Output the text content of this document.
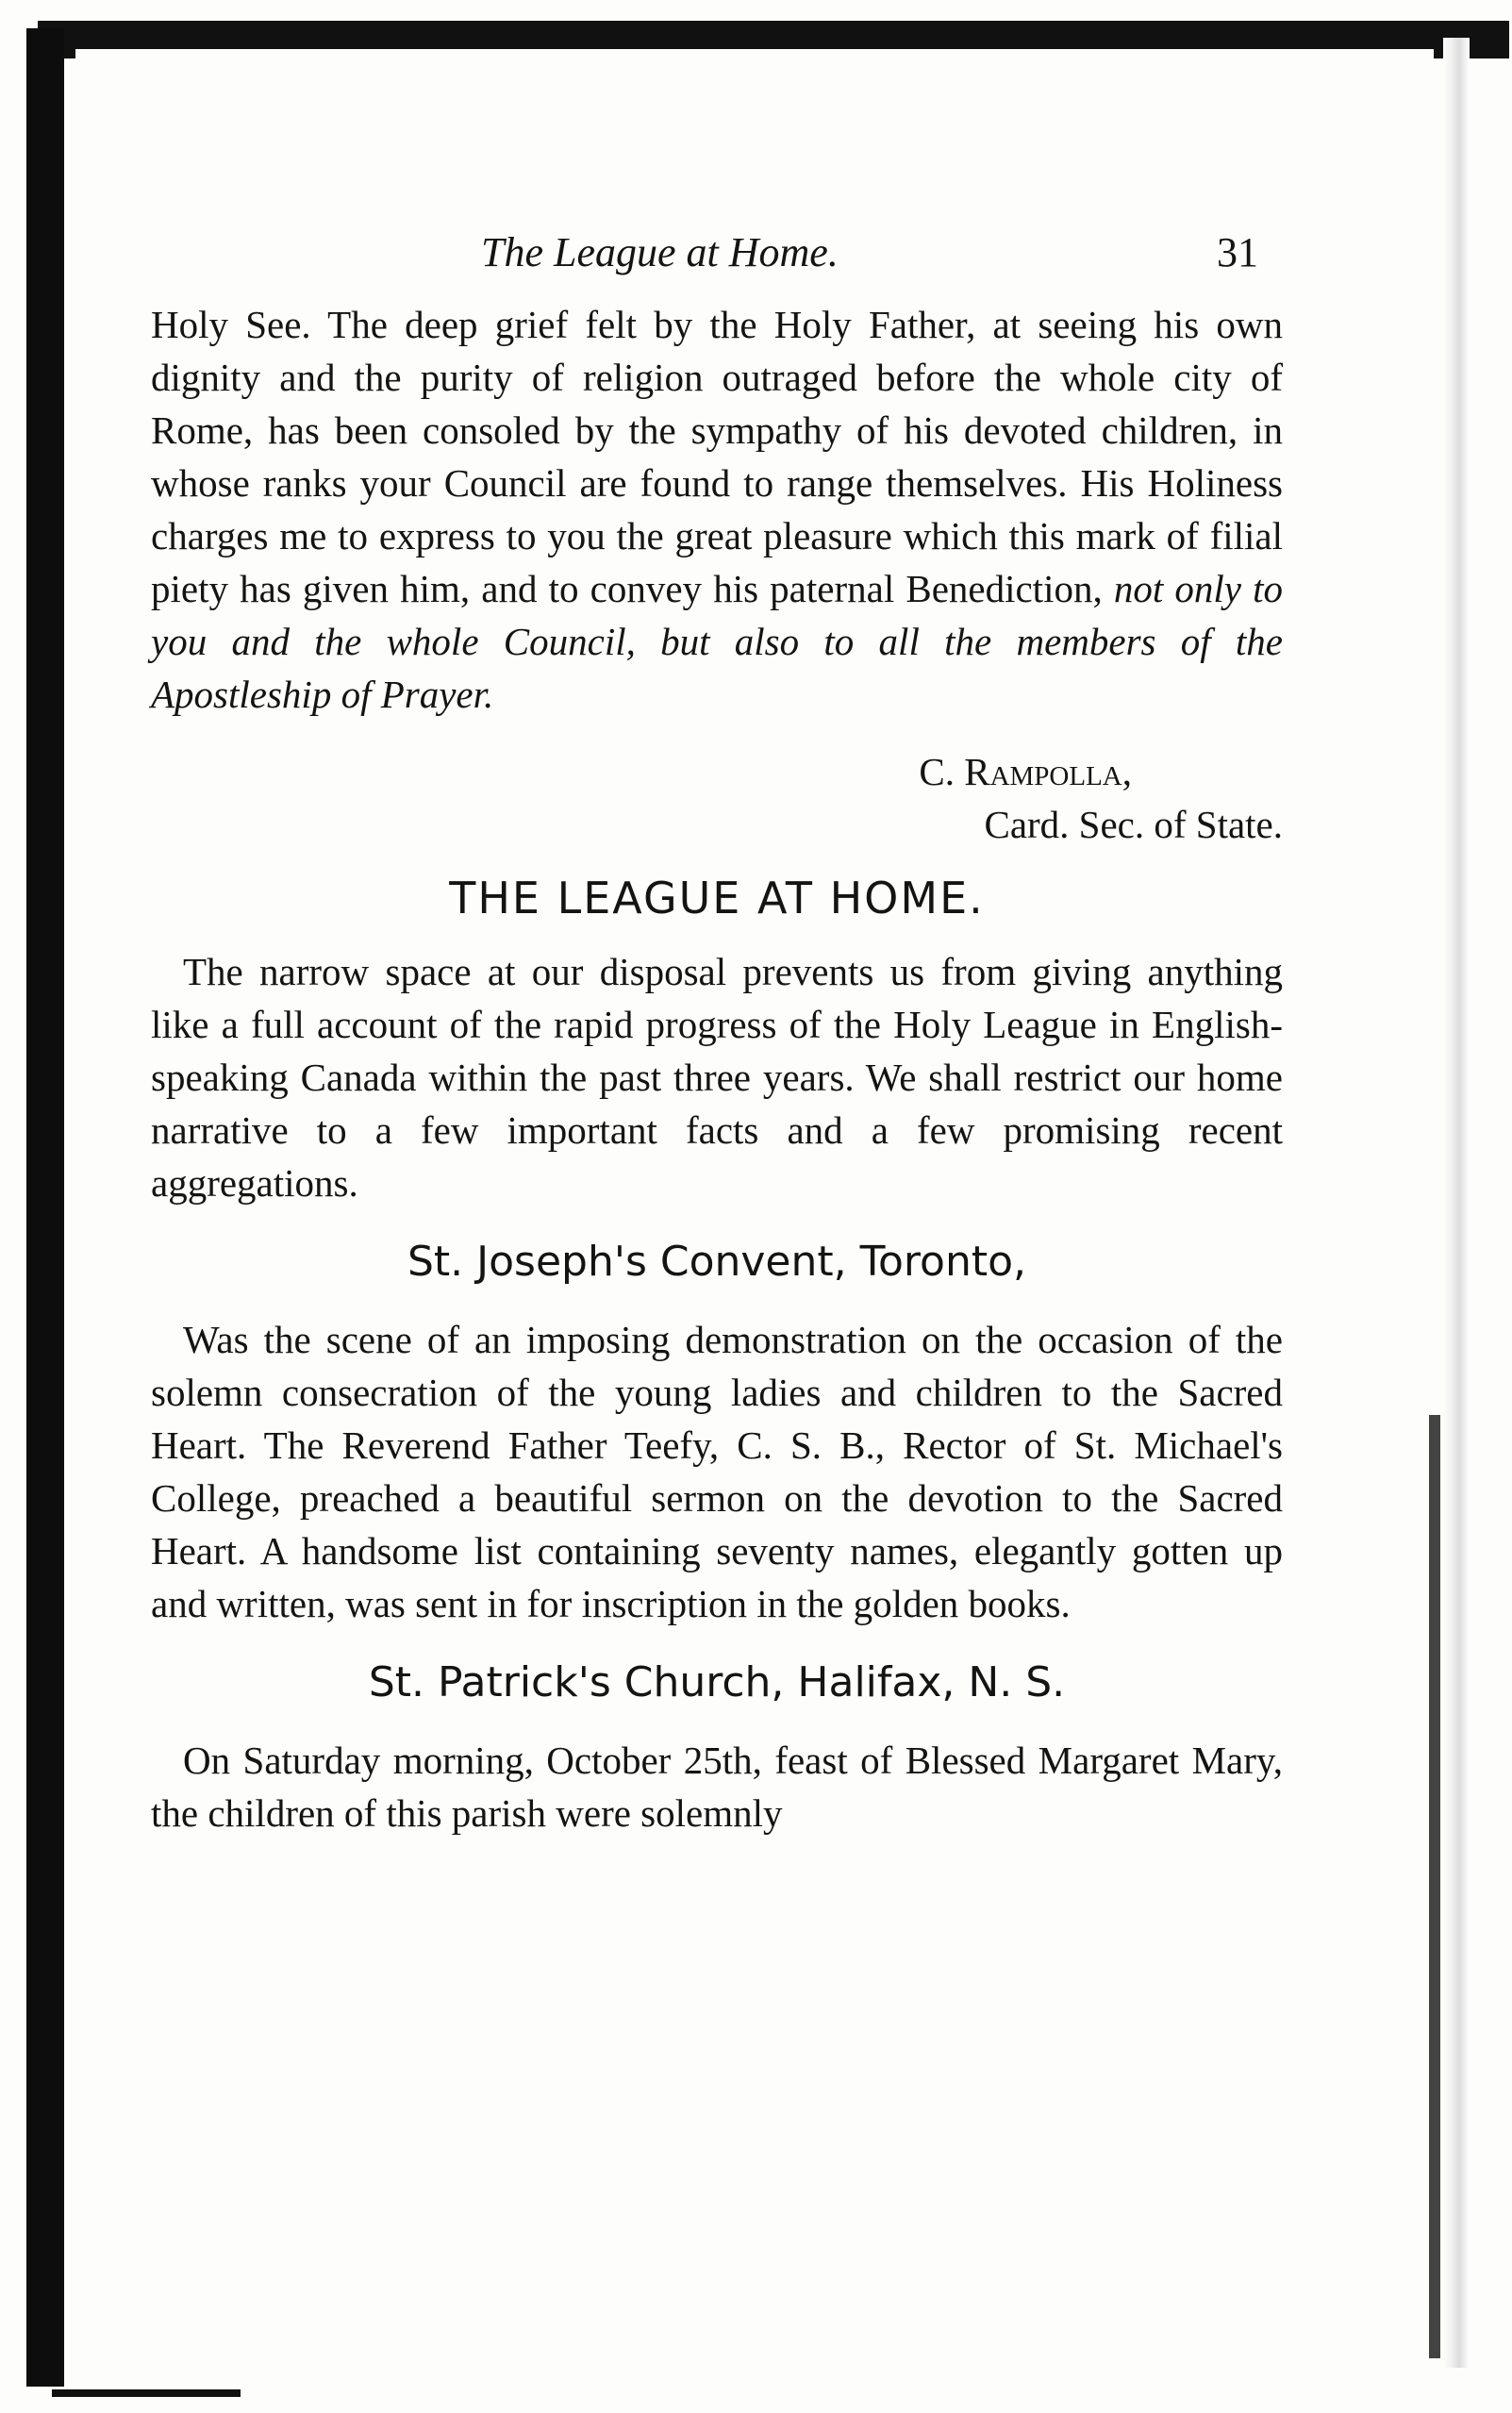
The League at Home.	31

Holy See. The deep grief felt by the Holy Father, at seeing his own dignity and the purity of religion outraged before the whole city of Rome, has been consoled by the sympathy of his devoted children, in whose ranks your Council are found to range themselves. His Holiness charges me to express to you the great pleasure which this mark of filial piety has given him, and to convey his paternal Benediction, not only to you and the whole Council, but also to all the members of the Apostleship of Prayer.

C. Rampolla,
Card. Sec. of State.
THE LEAGUE AT HOME.

The narrow space at our disposal prevents us from giving anything like a full account of the rapid progress of the Holy League in English-speaking Canada within the past three years. We shall restrict our home narrative to a few important facts and a few promising recent aggregations.

St. Joseph's Convent, Toronto,

Was the scene of an imposing demonstration on the occasion of the solemn consecration of the young ladies and children to the Sacred Heart. The Reverend Father Teefy, C. S. B., Rector of St. Michael's College, preached a beautiful sermon on the devotion to the Sacred Heart. A handsome list containing seventy names, elegantly gotten up and written, was sent in for inscription in the golden books.

St. Patrick's Church, Halifax, N. S.

On Saturday morning, October 25th, feast of Blessed Margaret Mary, the children of this parish were solemnly
